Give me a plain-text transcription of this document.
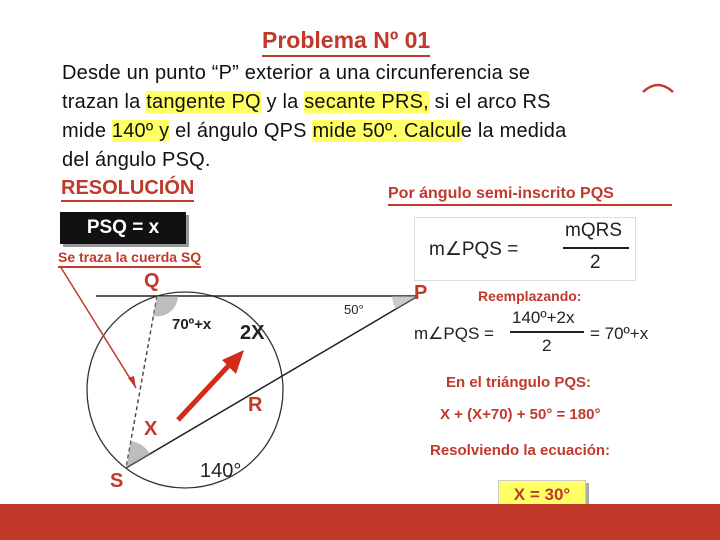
Problema Nº 01
Desde un punto “P” exterior a una circunferencia se
trazan la tangente PQ y la secante PRS, si el arco RS
mide 140º y el ángulo QPS mide 50º. Calcule la medida
del ángulo PSQ.
RESOLUCIÓN	Por ángulo semi-inscrito PQS
PSQ = x
Se traza la cuerda SQ
Q
P
R
S
X
70º+x 2X
50°
140°
m∠PQS =
mQRS
2
Reemplazando:
m∠PQS =
140º+2x
2
= 70º+x
En el triángulo PQS:
X + (X+70) + 50° = 180°
Resolviendo la ecuación:
X = 30°
